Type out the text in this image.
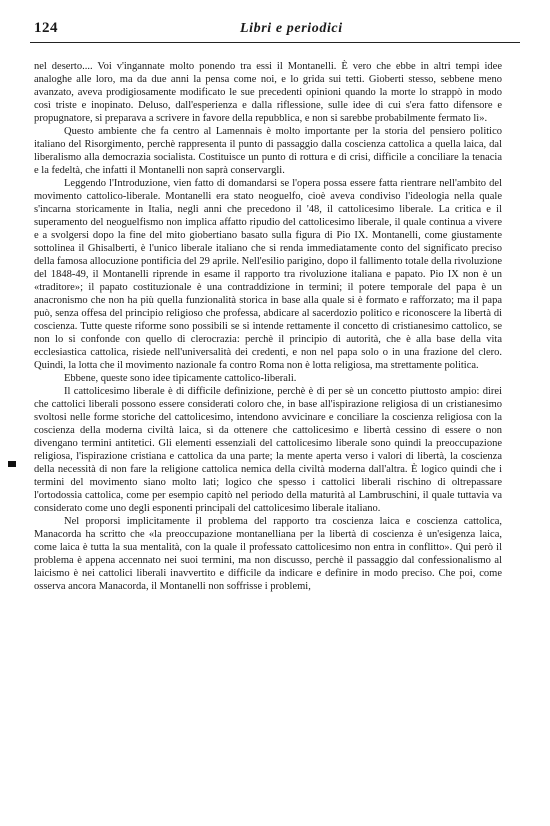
124	Libri e periodici

nel deserto.... Voi v'ingannate molto ponendo tra essi il Montanelli. È vero che ebbe in altri tempi idee analoghe alle loro, ma da due anni la pensa come noi, e lo grida sui tetti. Gioberti stesso, sebbene meno avanzato, aveva prodigiosamente modificato le sue precedenti opinioni quando la morte lo strappò in modo così triste e inopinato. Deluso, dall'esperienza e dalla riflessione, sulle idee di cui s'era fatto difensore e propugnatore, si preparava a scrivere in favore della repubblica, e non si sarebbe probabilmente fermato lì».

Questo ambiente che fa centro al Lamennais è molto importante per la storia del pensiero politico italiano del Risorgimento, perchè rappresenta il punto di passaggio dalla coscienza cattolica a quella laica, dal liberalismo alla democrazia socialista. Costituisce un punto di rottura e di crisi, difficile a conciliare la tenacia e la fedeltà, che infatti il Montanelli non saprà conservargli.

Leggendo l'Introduzione, vien fatto di domandarsi se l'opera possa essere fatta rientrare nell'ambito del movimento cattolico-liberale. Montanelli era stato neoguelfo, cioè aveva condiviso l'ideologia nella quale s'incarna storicamente in Italia, negli anni che precedono il '48, il cattolicesimo liberale. La critica e il superamento del neoguelfismo non implica affatto ripudio del cattolicesimo liberale, il quale continua a vivere e a svolgersi dopo la fine del mito giobertiano basato sulla figura di Pio IX. Montanelli, come giustamente sottolinea il Ghisalberti, è l'unico liberale italiano che si renda immediatamente conto del significato preciso della famosa allocuzione pontificia del 29 aprile. Nell'esilio parigino, dopo il fallimento totale della rivoluzione del 1848-49, il Montanelli riprende in esame il rapporto tra rivoluzione italiana e papato. Pio IX non è un «traditore»; il papato costituzionale è una contraddizione in termini; il potere temporale del papa è un anacronismo che non ha più quella funzionalità storica in base alla quale si è formato e rafforzato; ma il papa può, senza offesa del principio religioso che professa, abdicare al sacerdozio politico e riconoscere la libertà di coscienza. Tutte queste riforme sono possibili se si intende rettamente il concetto di cristianesimo cattolico, se non lo si confonde con quello di clerocrazia: perchè il principio di autorità, che è alla base della vita ecclesiastica cattolica, risiede nell'universalità dei credenti, e non nel papa solo o in una frazione del clero. Quindi, la lotta che il movimento nazionale fa contro Roma non è lotta religiosa, ma strettamente politica.

Ebbene, queste sono idee tipicamente cattolico-liberali.

Il cattolicesimo liberale è di difficile definizione, perchè è di per sè un concetto piuttosto ampio: direi che cattolici liberali possono essere considerati coloro che, in base all'ispirazione religiosa di un cristianesimo svoltosi nelle forme storiche del cattolicesimo, intendono avvicinare e conciliare la coscienza religiosa con la coscienza della moderna civiltà laica, sì da ottenere che cattolicesimo e libertà cessino di essere o non divengano termini antitetici. Gli elementi essenziali del cattolicesimo liberale sono quindi la preoccupazione religiosa, l'ispirazione cristiana e cattolica da una parte; la mente aperta verso i valori di libertà, la coscienza della necessità di non fare la religione cattolica nemica della civiltà moderna dall'altra. È logico quindi che i termini del movimento siano molto lati; logico che spesso i cattolici liberali rischino di oltrepassare l'ortodossia cattolica, come per esempio capitò nel periodo della maturità al Lambruschini, il quale tuttavia va considerato come uno degli esponenti principali del cattolicesimo liberale italiano.

Nel proporsi implicitamente il problema del rapporto tra coscienza laica e coscienza cattolica, Manacorda ha scritto che «la preoccupazione montanelliana per la libertà di coscienza è un'esigenza laica, come laica è tutta la sua mentalità, con la quale il professato cattolicesimo non entra in conflitto». Qui però il problema è appena accennato nei suoi termini, ma non discusso, perchè il passaggio dal confessionalismo al laicismo è nei cattolici liberali inavvertito e difficile da indicare e definire in modo preciso. Che poi, come osserva ancora Manacorda, il Montanelli non soffrisse i problemi,
